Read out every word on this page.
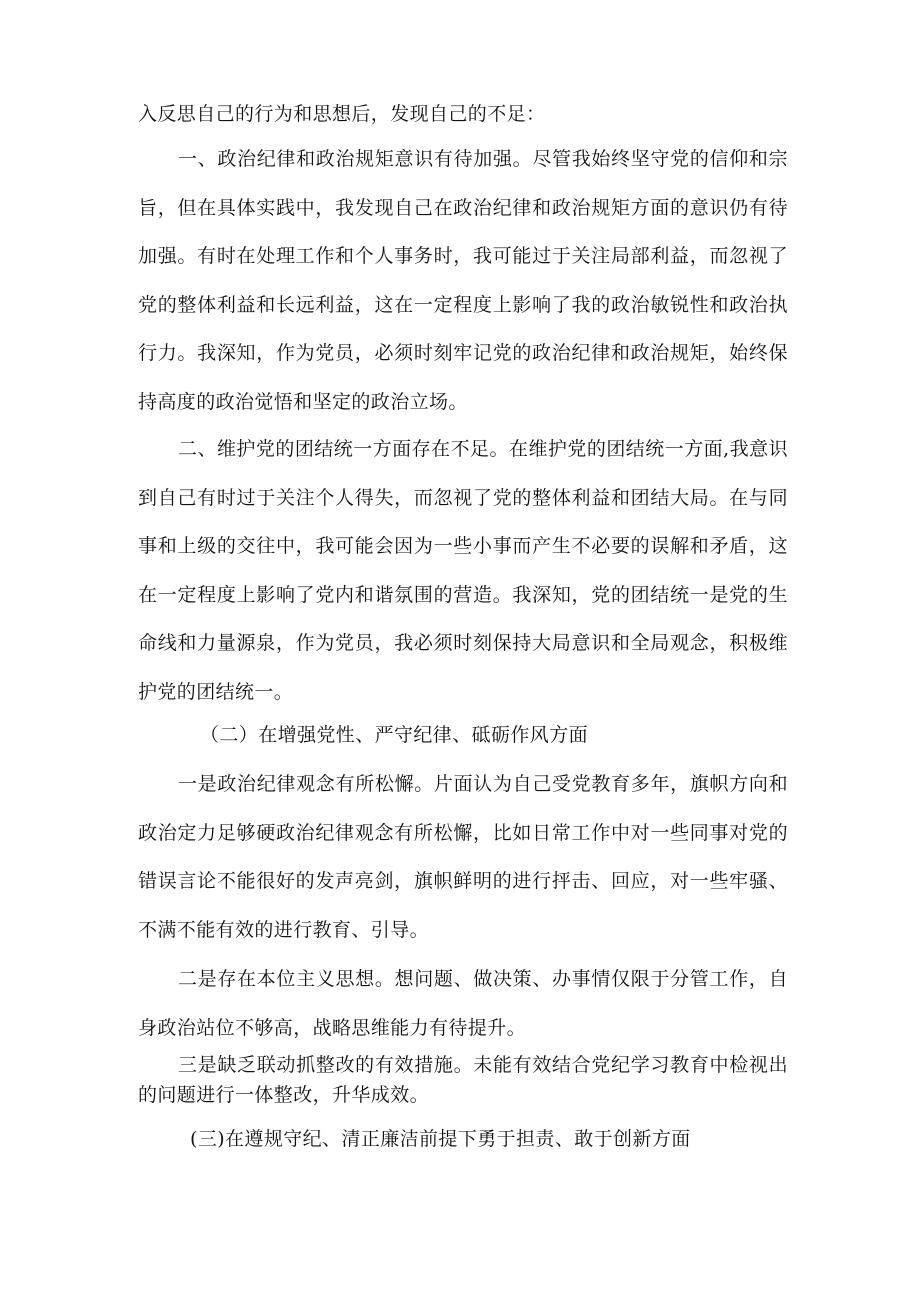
入反思自己的行为和思想后，发现自己的不足：

一、政治纪律和政治规矩意识有待加强。尽管我始终坚守党的信仰和宗旨，但在具体实践中，我发现自己在政治纪律和政治规矩方面的意识仍有待加强。有时在处理工作和个人事务时，我可能过于关注局部利益，而忽视了党的整体利益和长远利益，这在一定程度上影响了我的政治敏锐性和政治执行力。我深知，作为党员，必须时刻牢记党的政治纪律和政治规矩，始终保持高度的政治觉悟和坚定的政治立场。

二、维护党的团结统一方面存在不足。在维护党的团结统一方面,我意识到自己有时过于关注个人得失，而忽视了党的整体利益和团结大局。在与同事和上级的交往中，我可能会因为一些小事而产生不必要的误解和矛盾，这在一定程度上影响了党内和谐氛围的营造。我深知，党的团结统一是党的生命线和力量源泉，作为党员，我必须时刻保持大局意识和全局观念，积极维护党的团结统一。

（二）在增强党性、严守纪律、砥砺作风方面

一是政治纪律观念有所松懈。片面认为自己受党教育多年，旗帜方向和政治定力足够硬政治纪律观念有所松懈，比如日常工作中对一些同事对党的错误言论不能很好的发声亮剑，旗帜鲜明的进行抨击、回应，对一些牢骚、不满不能有效的进行教育、引导。

二是存在本位主义思想。想问题、做决策、办事情仅限于分管工作，自身政治站位不够高，战略思维能力有待提升。

三是缺乏联动抓整改的有效措施。未能有效结合党纪学习教育中检视出的问题进行一体整改，升华成效。

(三)在遵规守纪、清正廉洁前提下勇于担责、敢于创新方面
